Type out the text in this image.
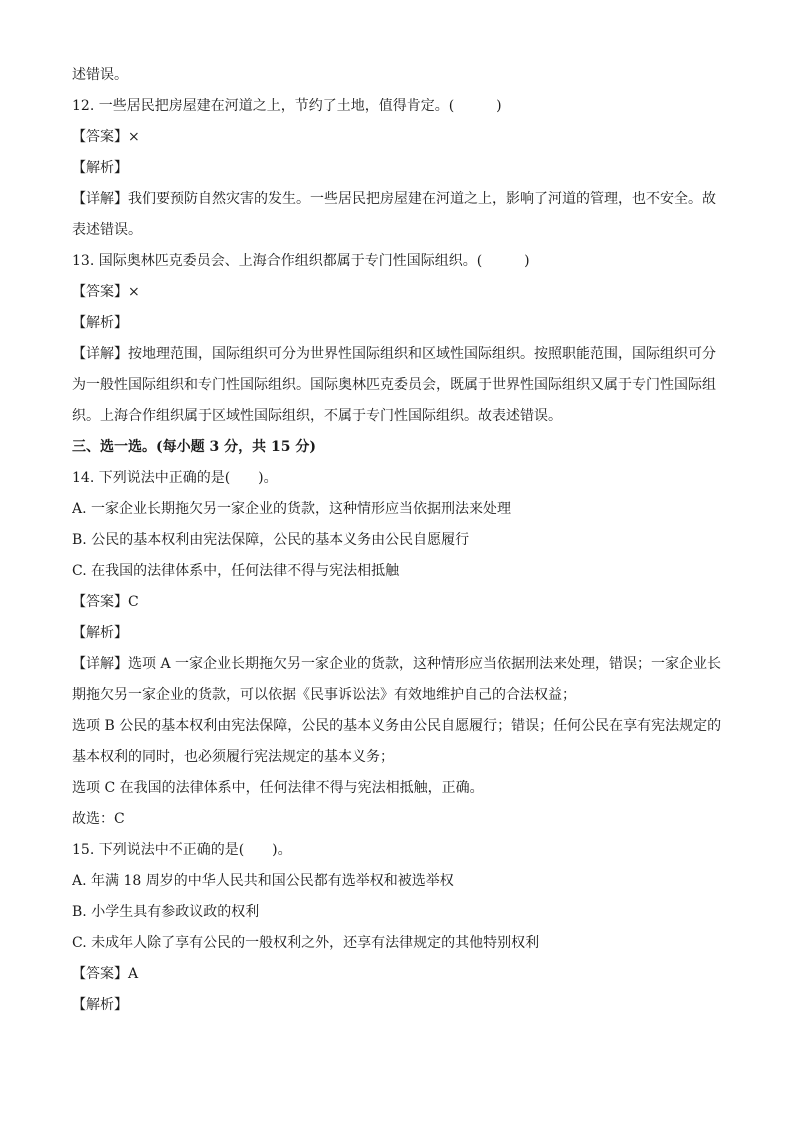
述错误。
12. 一些居民把房屋建在河道之上，节约了土地，值得肯定。(　　　)
【答案】×
【解析】
【详解】我们要预防自然灾害的发生。一些居民把房屋建在河道之上，影响了河道的管理，也不安全。故
表述错误。
13. 国际奥林匹克委员会、上海合作组织都属于专门性国际组织。(　　　)
【答案】×
【解析】
【详解】按地理范围，国际组织可分为世界性国际组织和区域性国际组织。按照职能范围，国际组织可分
为一般性国际组织和专门性国际组织。国际奥林匹克委员会，既属于世界性国际组织又属于专门性国际组
织。上海合作组织属于区域性国际组织，不属于专门性国际组织。故表述错误。
三、选一选。(每小题 3 分，共 15 分)
14. 下列说法中正确的是(　　)。
A. 一家企业长期拖欠另一家企业的货款，这种情形应当依据刑法来处理
B. 公民的基本权利由宪法保障，公民的基本义务由公民自愿履行
C. 在我国的法律体系中，任何法律不得与宪法相抵触
【答案】C
【解析】
【详解】选项 A 一家企业长期拖欠另一家企业的货款，这种情形应当依据刑法来处理，错误；一家企业长
期拖欠另一家企业的货款，可以依据《民事诉讼法》有效地维护自己的合法权益；
选项 B 公民的基本权利由宪法保障，公民的基本义务由公民自愿履行；错误；任何公民在享有宪法规定的
基本权利的同时，也必须履行宪法规定的基本义务；
选项 C 在我国的法律体系中，任何法律不得与宪法相抵触，正确。
故选：C
15. 下列说法中不正确的是(　　)。
A. 年满 18 周岁的中华人民共和国公民都有选举权和被选举权
B. 小学生具有参政议政的权利
C. 未成年人除了享有公民的一般权利之外，还享有法律规定的其他特别权利
【答案】A
【解析】
